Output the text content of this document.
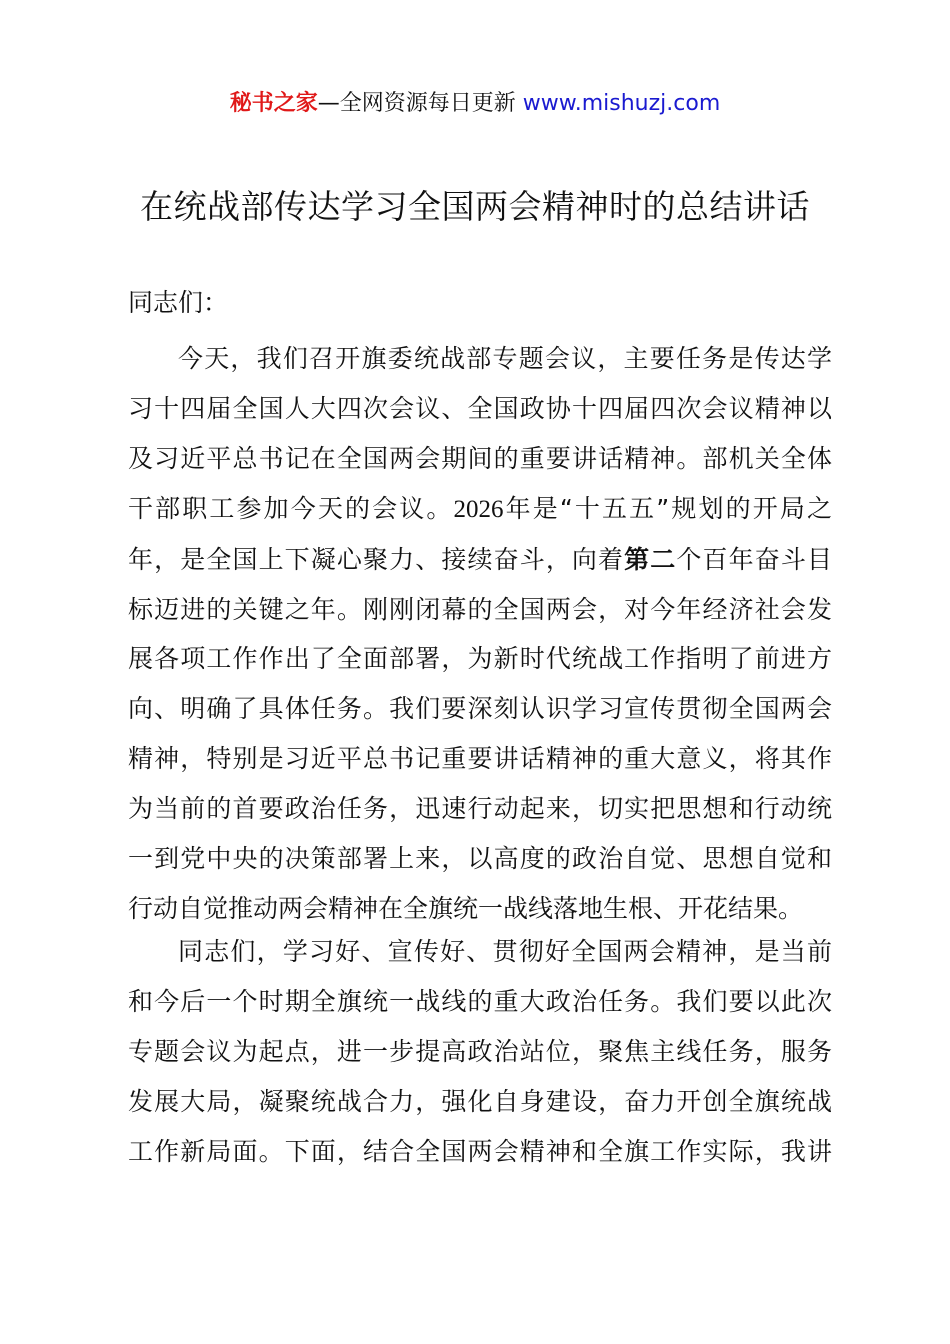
秘书之家—全网资源每日更新 www.mishuzj.com
在统战部传达学习全国两会精神时的总结讲话
同志们：
今天，我们召开旗委统战部专题会议，主要任务是传达学
习十四届全国人大四次会议、全国政协十四届四次会议精神以
及习近平总书记在全国两会期间的重要讲话精神。部机关全体
干部职工参加今天的会议。2026年是“十五五”规划的开局之
年，是全国上下凝心聚力、接续奋斗，向着第二个百年奋斗目
标迈进的关键之年。刚刚闭幕的全国两会，对今年经济社会发
展各项工作作出了全面部署，为新时代统战工作指明了前进方
向、明确了具体任务。我们要深刻认识学习宣传贯彻全国两会
精神，特别是习近平总书记重要讲话精神的重大意义，将其作
为当前的首要政治任务，迅速行动起来，切实把思想和行动统
一到党中央的决策部署上来，以高度的政治自觉、思想自觉和
行动自觉推动两会精神在全旗统一战线落地生根、开花结果。
同志们，学习好、宣传好、贯彻好全国两会精神，是当前
和今后一个时期全旗统一战线的重大政治任务。我们要以此次
专题会议为起点，进一步提高政治站位，聚焦主线任务，服务
发展大局，凝聚统战合力，强化自身建设，奋力开创全旗统战
工作新局面。下面，结合全国两会精神和全旗工作实际，我讲
